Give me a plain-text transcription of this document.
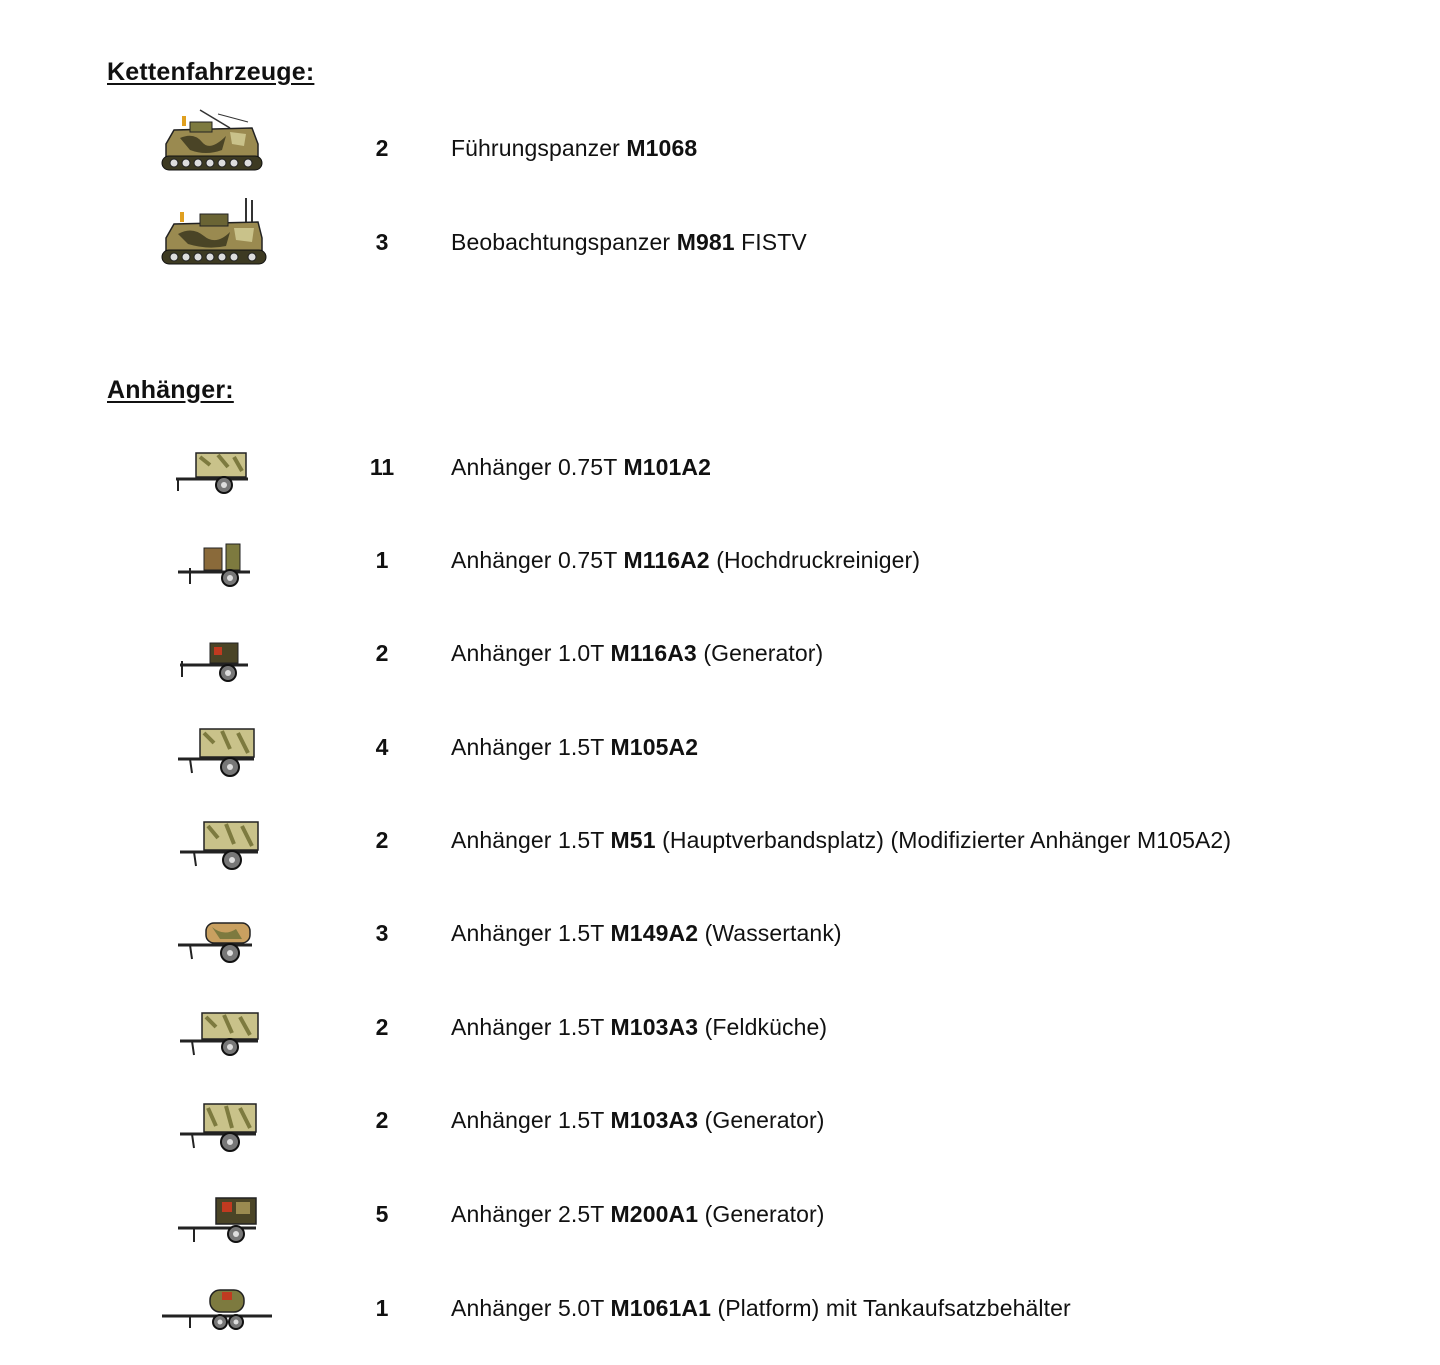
Kettenfahrzeuge:
2	Führungspanzer M1068
3	Beobachtungspanzer M981 FISTV
Anhänger:
11	Anhänger 0.75T M101A2
1	Anhänger 0.75T M116A2 (Hochdruckreiniger)
2	Anhänger 1.0T M116A3 (Generator)
4	Anhänger 1.5T M105A2
2	Anhänger 1.5T M51 (Hauptverbandsplatz) (Modifizierter Anhänger M105A2)
3	Anhänger 1.5T M149A2 (Wassertank)
2	Anhänger 1.5T M103A3 (Feldküche)
2	Anhänger 1.5T M103A3 (Generator)
5	Anhänger 2.5T M200A1 (Generator)
1	Anhänger 5.0T M1061A1 (Platform) mit Tankaufsatzbehälter
